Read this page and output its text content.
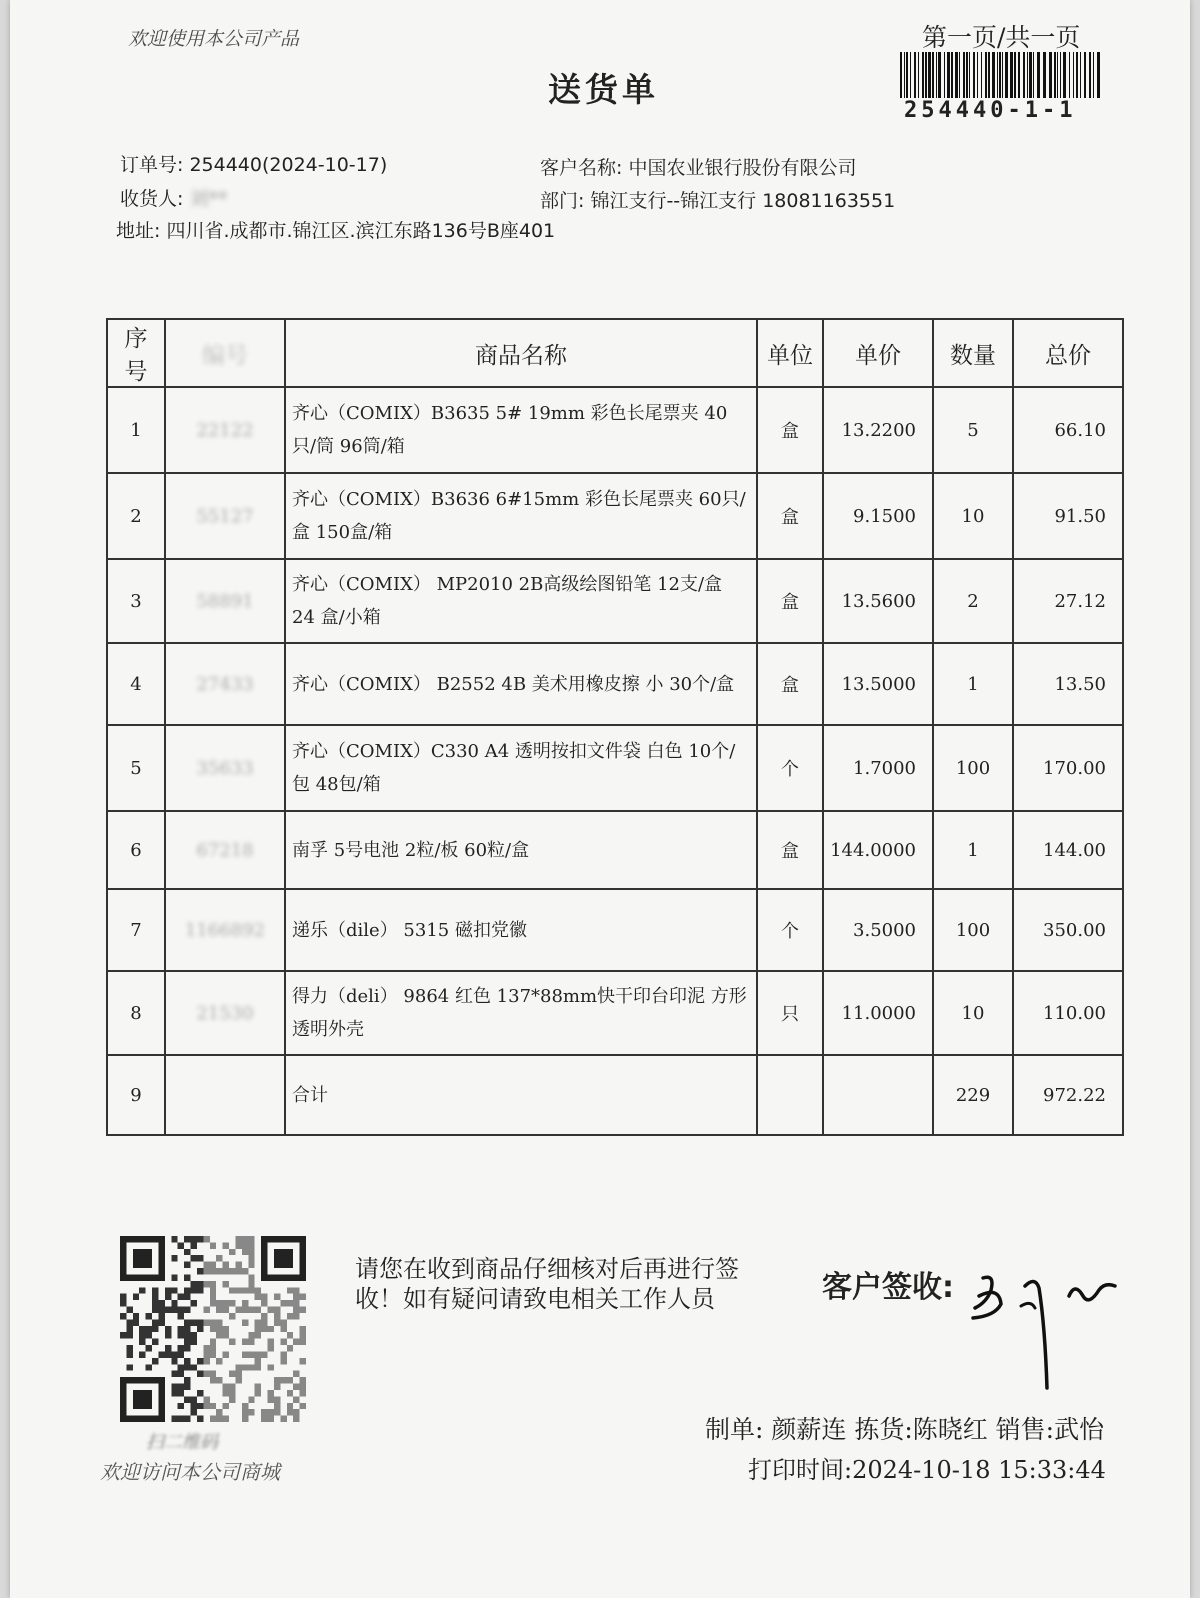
欢迎使用本公司产品	第一页/共一页
送货单
254440-1-1
订单号: 254440(2024-10-17)
收货人: 刘**
地址: 四川省.成都市.锦江区.滨江东路136号B座401
客户名称: 中国农业银行股份有限公司
部门: 锦江支行--锦江支行 18081163551
序号	编号	商品名称	单位	单价	数量	总价
1	22122	齐心（COMIX）B3635 5# 19mm 彩色长尾票夹 40只/筒 96筒/箱	盒	13.2200	5	66.10
2	55127	齐心（COMIX）B3636 6#15mm 彩色长尾票夹 60只/盒 150盒/箱	盒	9.1500	10	91.50
3	58891	齐心（COMIX） MP2010 2B高级绘图铅笔 12支/盒 24 盒/小箱	盒	13.5600	2	27.12
4	27433	齐心（COMIX） B2552 4B 美术用橡皮擦 小 30个/盒	盒	13.5000	1	13.50
5	35633	齐心（COMIX）C330 A4 透明按扣文件袋 白色 10个/包 48包/箱	个	1.7000	100	170.00
6	67218	南孚 5号电池 2粒/板 60粒/盒	盒	144.0000	1	144.00
7	1166892	递乐（dile） 5315 磁扣党徽	个	3.5000	100	350.00
8	21530	得力（deli） 9864 红色 137*88mm快干印台印泥 方形透明外壳	只	11.0000	10	110.00
9		合计			229	972.22
扫二维码
欢迎访问本公司商城
请您在收到商品仔细核对后再进行签收！如有疑问请致电相关工作人员	客户签收:
制单: 颜薪连 拣货:陈晓红 销售:武怡
打印时间:2024-10-18 15:33:44
